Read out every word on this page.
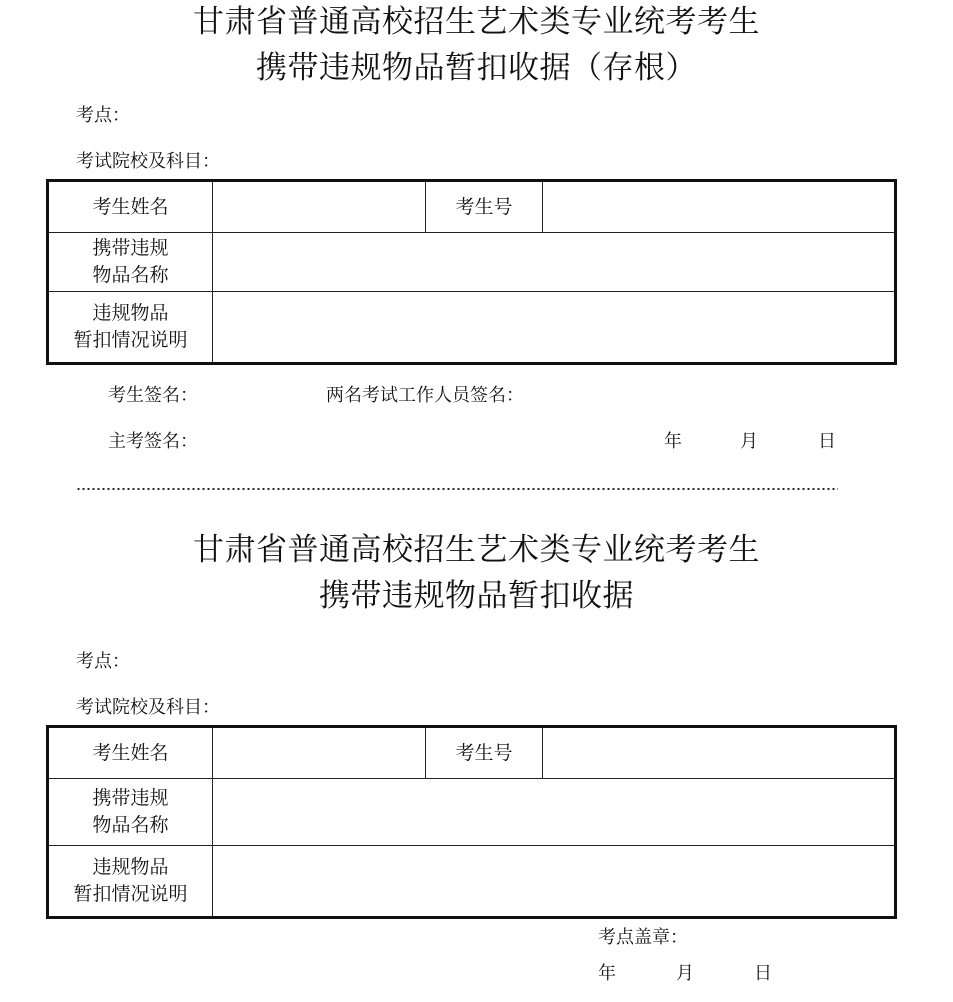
甘肃省普通高校招生艺术类专业统考考生
携带违规物品暂扣收据（存根）
考点：
考试院校及科目：
考生姓名		考生号	

携带违规
物品名称			

违规物品
暂扣情况说明			

考生签名：	两名考试工作人员签名：
主考签名：	年	月	日
甘肃省普通高校招生艺术类专业统考考生
携带违规物品暂扣收据
考点：
考试院校及科目：
考生姓名		考生号	

携带违规
物品名称			

违规物品
暂扣情况说明			

考点盖章：
年	月	日
